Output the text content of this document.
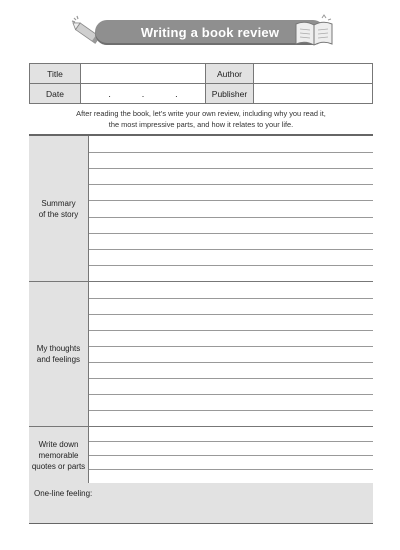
Writing a book review
Title		Author	
Date	. . .	Publisher	
After reading the book, let’s write your own review, including why you read it,
the most impressive parts, and how it relates to your life.
Summary
of the story
My thoughts
and feelings
Write down
memorable
quotes or parts
One-line feeling:
